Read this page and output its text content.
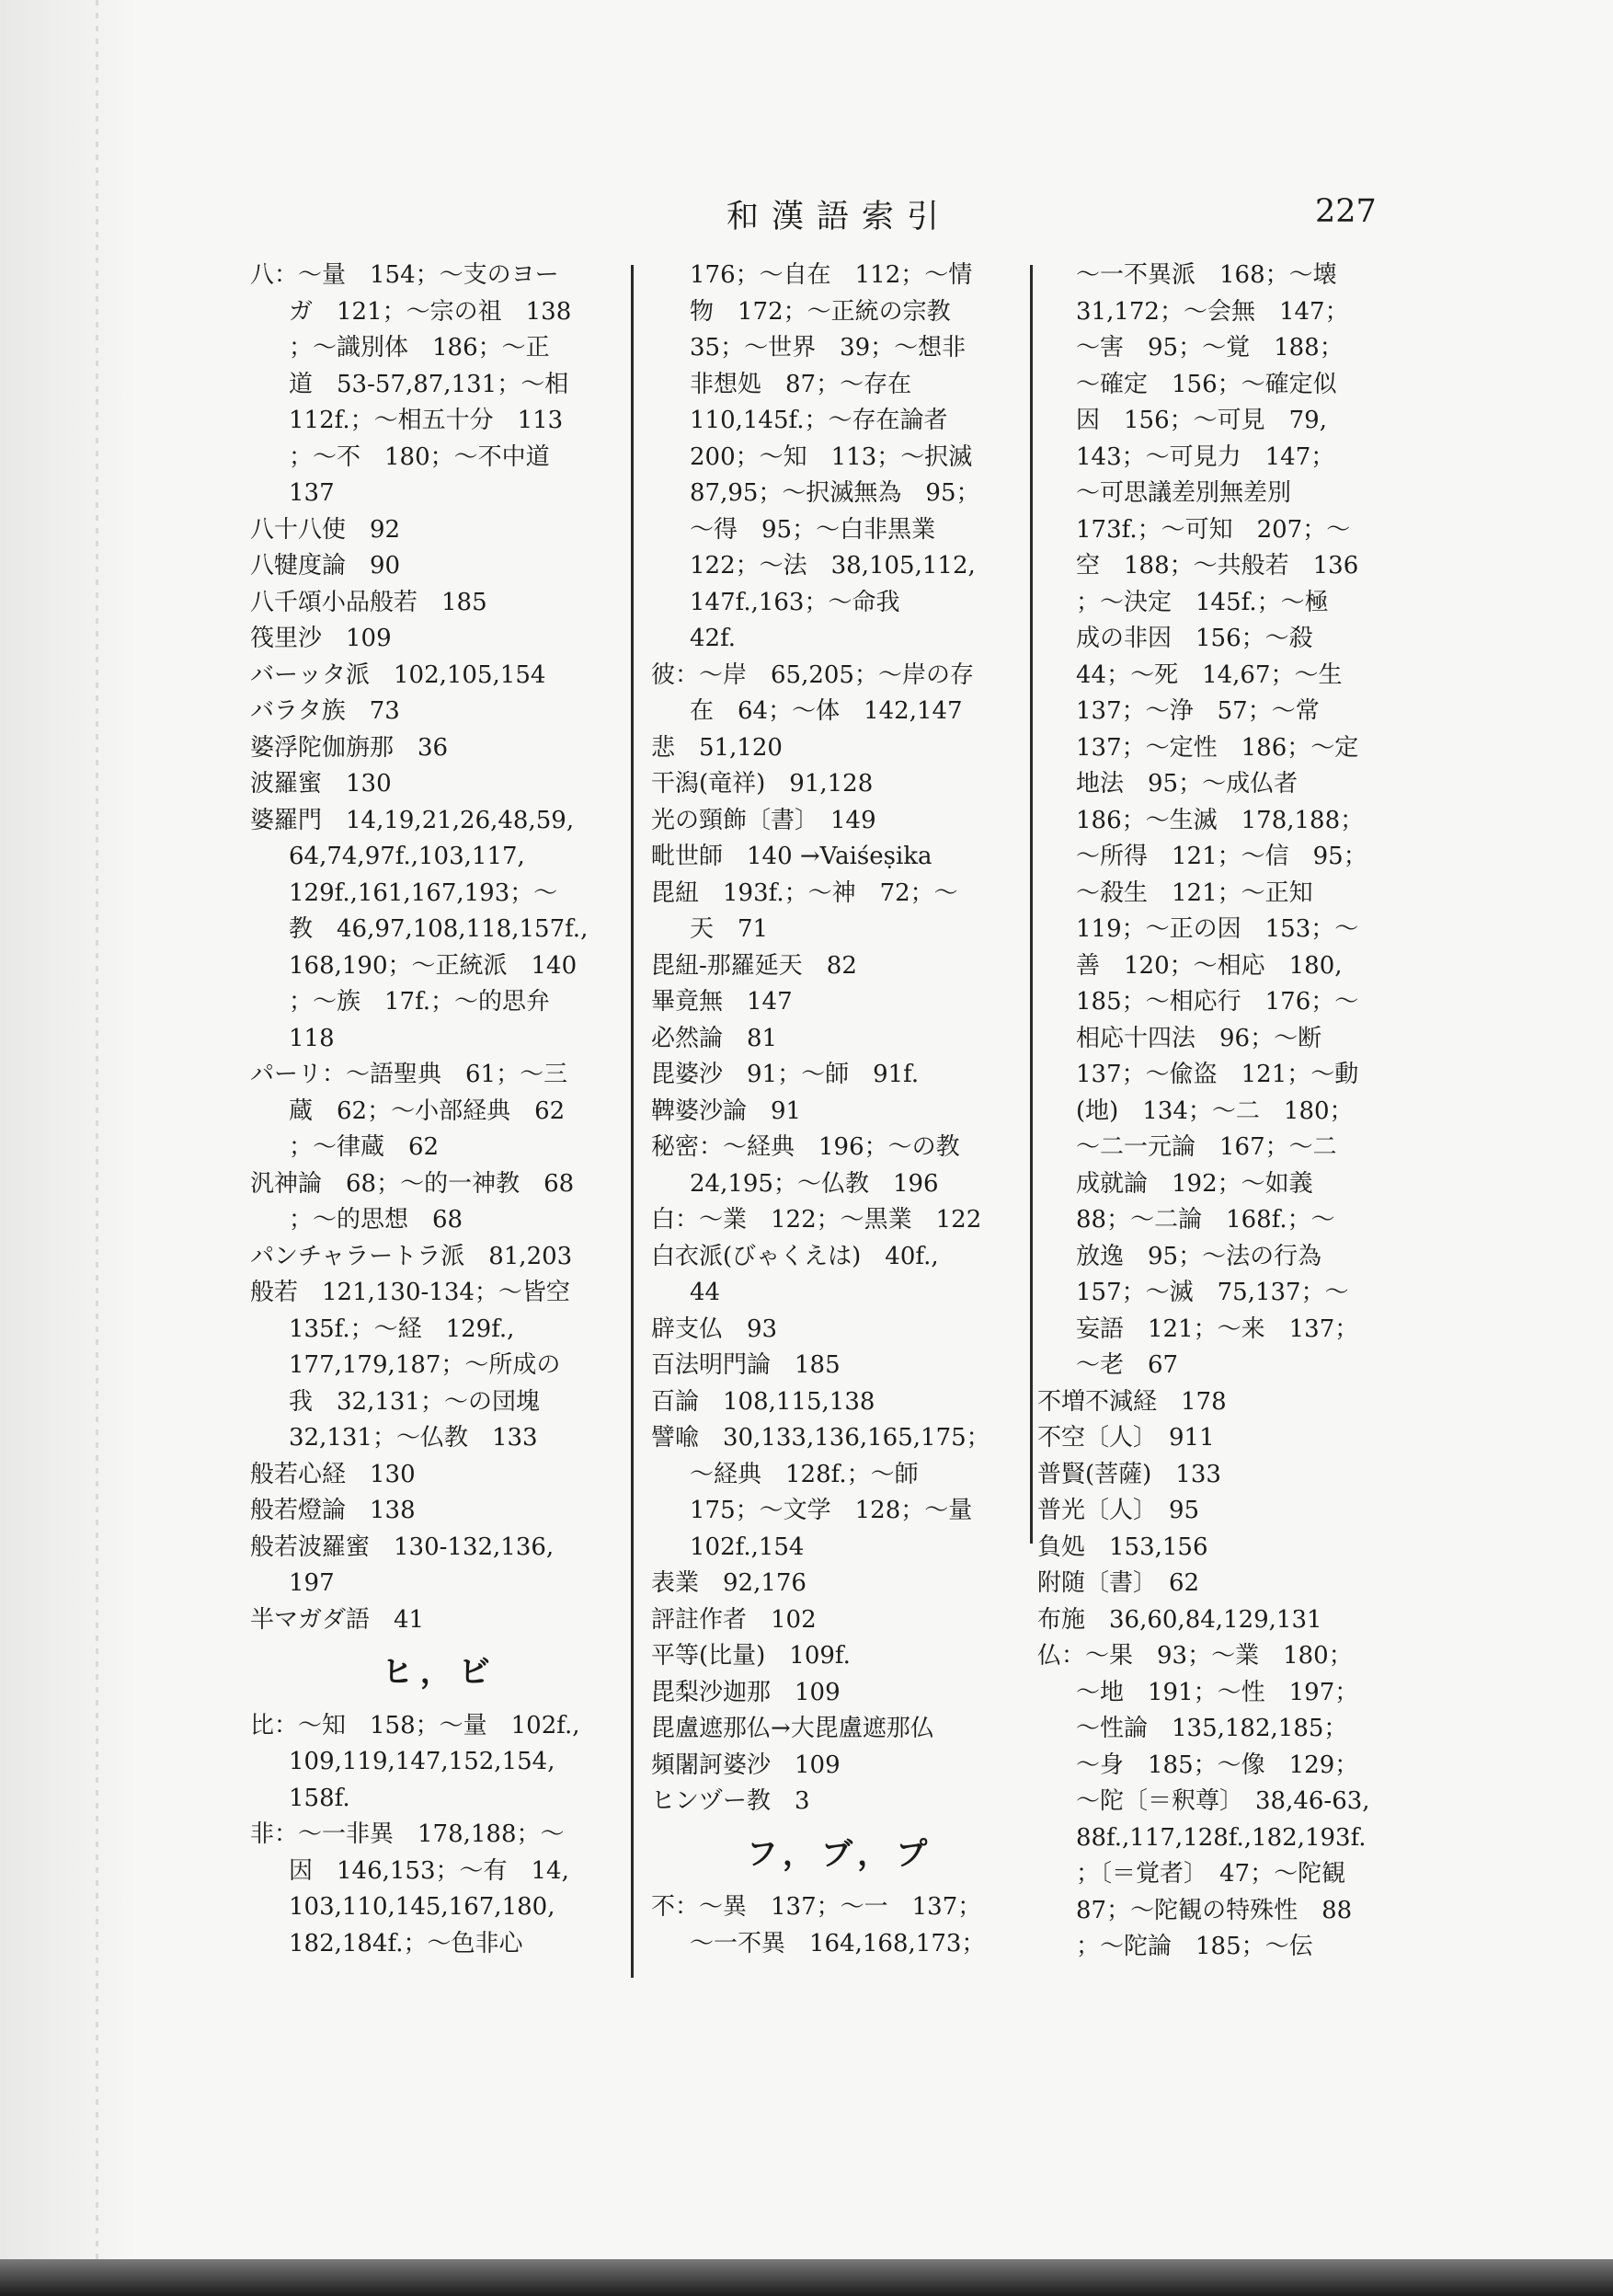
和漢語索引	227
八：～量　154；～支のヨー
ガ　121；～宗の祖　138
；～識別体　186；～正
道　53-57,87,131；～相
112f.；～相五十分　113
；～不　180；～不中道
137
八十八使　92
八犍度論　90
八千頌小品般若　185
筏里沙　109
バーッタ派　102,105,154
バラタ族　73
婆浮陀伽旃那　36
波羅蜜　130
婆羅門　14,19,21,26,48,59,
64,74,97f.,103,117,
129f.,161,167,193；～
教　46,97,108,118,157f.,
168,190；～正統派　140
；～族　17f.；～的思弁
118
パーリ：～語聖典　61；～三
蔵　62；～小部経典　62
；～律蔵　62
汎神論　68；～的一神教　68
；～的思想　68
パンチャラートラ派　81,203
般若　121,130-134；～皆空
135f.；～経　129f.,
177,179,187；～所成の
我　32,131；～の団塊
32,131；～仏教　133
般若心経　130
般若燈論　138
般若波羅蜜　130-132,136,
197
半マガダ語　41
ヒ，ビ
比：～知　158；～量　102f.,
109,119,147,152,154,
158f.
非：～一非異　178,188；～
因　146,153；～有　14,
103,110,145,167,180,
182,184f.；～色非心
176；～自在　112；～情
物　172；～正統の宗教
35；～世界　39；～想非
非想処　87；～存在
110,145f.；～存在論者
200；～知　113；～択滅
87,95；～択滅無為　95；
～得　95；～白非黒業
122；～法　38,105,112,
147f.,163；～命我
42f.
彼：～岸　65,205；～岸の存
在　64；～体　142,147
悲　51,120
干潟(竜祥)　91,128
光の頸飾〔書〕　149
毗世師　140 →Vaiśeṣika
毘紐　193f.；～神　72；～
天　71
毘紐-那羅延天　82
畢竟無　147
必然論　81
毘婆沙　91；～師　91f.
鞞婆沙論　91
秘密：～経典　196；～の教
24,195；～仏教　196
白：～業　122；～黒業　122
白衣派(びゃくえは)　40f.,
44
辟支仏　93
百法明門論　185
百論　108,115,138
譬喩　30,133,136,165,175；
～経典　128f.；～師
175；～文学　128；～量
102f.,154
表業　92,176
評註作者　102
平等(比量)　109f.
毘梨沙迦那　109
毘盧遮那仏→大毘盧遮那仏
頻闍訶婆沙　109
ヒンヅー教　3
フ，ブ，プ
不：～異　137；～一　137；
～一不異　164,168,173；
～一不異派　168；～壊
31,172；～会無　147；
～害　95；～覚　188；
～確定　156；～確定似
因　156；～可見　79,
143；～可見力　147；
～可思議差別無差別
173f.；～可知　207；～
空　188；～共般若　136
；～決定　145f.；～極
成の非因　156；～殺
44；～死　14,67；～生
137；～浄　57；～常
137；～定性　186；～定
地法　95；～成仏者
186；～生滅　178,188；
～所得　121；～信　95；
～殺生　121；～正知
119；～正の因　153；～
善　120；～相応　180,
185；～相応行　176；～
相応十四法　96；～断
137；～偸盗　121；～動
(地)　134；～二　180；
～二一元論　167；～二
成就論　192；～如義
88；～二論　168f.；～
放逸　95；～法の行為
157；～滅　75,137；～
妄語　121；～来　137；
～老　67
不増不減経　178
不空〔人〕　911
普賢(菩薩)　133
普光〔人〕　95
負処　153,156
附随〔書〕　62
布施　36,60,84,129,131
仏：～果　93；～業　180；
～地　191；～性　197；
～性論　135,182,185；
～身　185；～像　129；
～陀〔＝釈尊〕　38,46-63,
88f.,117,128f.,182,193f.
；〔＝覚者〕　47；～陀観
87；～陀観の特殊性　88
；～陀論　185；～伝
